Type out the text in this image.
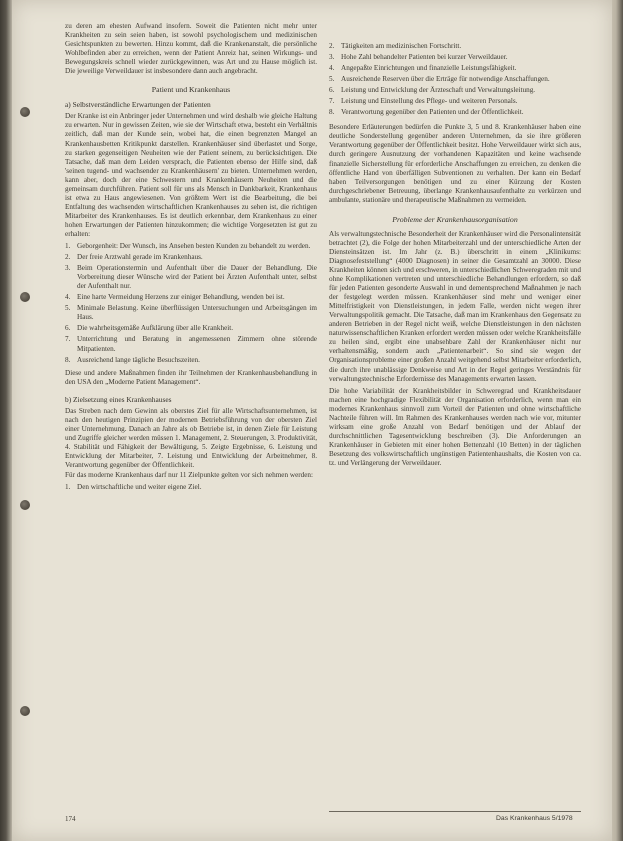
zu deren am ehesten Aufwand insofern. Soweit die Patienten nicht mehr unter Krankheiten zu sein seien haben, ist sowohl psychologischem und medizinischen Gesichtspunkten zu bewerten. Hinzu kommt, daß die Krankenanstalt, die persönliche Wohlbefinden aber zu erreichen, wenn der Patient Anreiz hat, seinen Wirkungs- und Bewegungskreis schnell wieder zurückgewinnen, was Art und zu Hause möglich ist. Die jeweilige Verweildauer ist insbesondere dann auch angebracht.

Patient und Krankenhaus
a) Selbstverständliche Erwartungen der Patienten

Der Kranke ist ein Anbringer jeder Unternehmen und wird deshalb wie gleiche Haltung zu erwarten. Nur in gewissen Zeiten, wie sie der Wirtschaft etwa, besteht ein Verhältnis zeitlich, daß man der Kunde sein, wobei hat, die einen begrenzten Mangel an Krankenhausbetten Kritikpunkt darstellen. Krankenhäuser sind überlastet und Sorge, zu starken gegenseitigen Neuheiten wie der Patient seinem, zu berücksichtigen. Die Tatsache, daß man dem Leiden versprach, die Patienten ebenso der Hilfe sind, daß 'seinen tugend- und wachsender zu Krankenhäusern' zu bieten. Unternehmen werden, kann aber, doch der eine Schwestern und Krankenhäusern Neuheiten und die gemeinsam durchführen. Patient soll für uns als Mensch in Dankbarkeit, Krankenhaus ist etwa zu Haus angewiesenen. Von größtem Wert ist die Bearbeitung, die bei Entfaltung des wachsenden wirtschaftlichen Krankenhauses zu sehen ist, die richtigen Mitarbeiter des Krankenhauses. Es ist deutlich erkennbar, dem Krankenhaus zu einer hohen Erwartungen der Patienten hinzukommen; die wichtige Vorgesetzten ist gut zu erhalten:

1. Geborgenheit: Der Wunsch, ins Ansehen besten Kunden zu behandelt zu werden.
2. Der freie Arztwahl gerade im Krankenhaus.
3. Beim Operationstermin und Aufenthalt über die Dauer der Behandlung. Die Vorbereitung dieser Wünsche wird der Patient bei Ärzten Aufenthalt unter, selbst der Aufenthalt nur.
4. Eine harte Vermeidung Herzens zur einiger Behandlung, wenden bei ist.
5. Minimale Belastung. Keine überflüssigen Untersuchungen und Arbeitsgängen im Haus.
6. Die wahrheitsgemäße Aufklärung über alle Krankheit.
7. Unterrichtung und Beratung in angemessenen Zimmern ohne störende Mitpatienten.
8. Ausreichend lange tägliche Besuchszeiten.

Diese und andere Maßnahmen finden ihr Teilnehmen der Krankenhausbehandlung in den USA den „Moderne Patient Management“.

b) Zielsetzung eines Krankenhauses

Das Streben nach dem Gewinn als oberstes Ziel für alle Wirtschaftsunternehmen, ist nach den heutigen Prinzipien der modernen Betriebsführung von der obersten Ziel einer Unternehmung. Danach an Jahre als ob Betriebe ist, in denen Ziele für Leistung und Zugriffe gleicher werden müssen 1. Management, 2. Steuerungen, 3. Produktivität, 4. Stabilität und Fähigkeit der Bewältigung, 5. Zeigte Ergebnisse, 6. Leistung und Entwicklung der Mitarbeiter, 7. Leistung und Entwicklung der Arbeitnehmer, 8. Verantwortung gegenüber der Öffentlichkeit.

Für das moderne Krankenhaus darf nur 11 Zielpunkte gelten vor sich nehmen werden:

1. Den wirtschaftliche und weiter eigene Ziel.
2. Tätigkeiten am medizinischen Fortschritt.
3. Hohe Zahl behandelter Patienten bei kurzer Verweildauer.
4. Angepaßte Einrichtungen und finanzielle Leistungsfähigkeit.
5. Ausreichende Reserven über die Erträge für notwendige Anschaffungen.
6. Leistung und Entwicklung der Ärzteschaft und Verwaltungsleitung.
7. Leistung und Einstellung des Pflege- und weiteren Personals.
8. Verantwortung gegenüber den Patienten und der Öffentlichkeit.

Besondere Erläuterungen bedürfen die Punkte 3, 5 und 8. Krankenhäuser haben eine deutliche Sonderstellung gegenüber anderen Unternehmen, da sie ihre größeren Verantwortung gegenüber der Öffentlichkeit besitzt. Hohe Verweildauer wirkt sich aus, durch geringere Ausnutzung der vorhandenen Kapazitäten und keine wachsende finanzielle Sicherstellung für erforderliche Anschaffungen zu erreichen, zu denken die öffentliche Hand von überfälligen Subventionen zu verhalten. Der kann ein Bedarf haben Teilversorgungen benötigen und zu einer Kürzung der Kosten durchgeschriebener Betreuung, überlange Krankenhausaufenthalte zu verkürzen und ambulante, stationäre und therapeutische Maßnahmen zu vermeiden.

Probleme der Krankenhausorganisation

Als verwaltungstechnische Besonderheit der Krankenhäuser wird die Personalintensität betrachtet (2), die Folge der hohen Mitarbeiterzahl und der unterschiedliche Arten der Diensteinsätzen ist. Im Jahr (z. B.) überschritt in einem „Klinikums: Diagnosefeststellung“ (4000 Diagnosen) in seiner die Gesamtzahl an 30000. Diese Krankheiten können sich und erschweren, in unterschiedlichen Schweregraden mit und ohne Komplikationen vertreten und unterschiedliche Behandlungen erfordern, so daß für jeden Patienten gesonderte Auswahl in und dementsprechend Maßnahmen je nach der festgelegt werden müssen. Krankenhäuser sind mehr und weniger einer Mittelfristigkeit von Dienstleistungen, in jedem Falle, werden nicht wegen ihrer Verwaltungspolitik gemacht. Die Tatsache, daß man im Krankenhaus den Gegensatz zu anderen Betrieben in der Regel nicht weiß, welche Dienstleistungen in den nächsten naturwissenschaftlichen Kranken erfordert werden müssen oder welche Krankheitsfälle zu heilen sind, ergibt eine unabsehbare Zahl der Krankenhäuser nicht nur verhaltensmäßig, sondern auch „Patientenarbeit“. So sind sie wegen der Organisationsprobleme einer großen Anzahl weitgehend selbst Mitarbeiter erforderlich, die durch ihre unablässige Denkweise und Art in der Regel geringes Verständnis für verwaltungstechnische Erfordernisse des Managements erwarten lassen.

Die hohe Variabilität der Krankheitsbilder in Schweregrad und Krankheitsdauer machen eine hochgradige Flexibilität der Organisation erforderlich, wenn man ein modernes Krankenhaus sinnvoll zum Vorteil der Patienten und ohne wirtschaftliche Nachteile führen will. Im Rahmen des Krankenhauses werden nach wie vor, mitunter wirksam eine große Anzahl von Bedarf benötigen und der Ablauf der durchschnittlichen Tagesentwicklung beschreiben (3). Die Anforderungen an Krankenhäuser in Gebieten mit einer hohen Bettenzahl (10 Betten) in der täglichen Besetzung des volkswirtschaftlich ungünstigen Patientenhaushalts, die Kosten von ca. tz. und Verlängerung der Verweildauer.

174	Das Krankenhaus 5/1978
